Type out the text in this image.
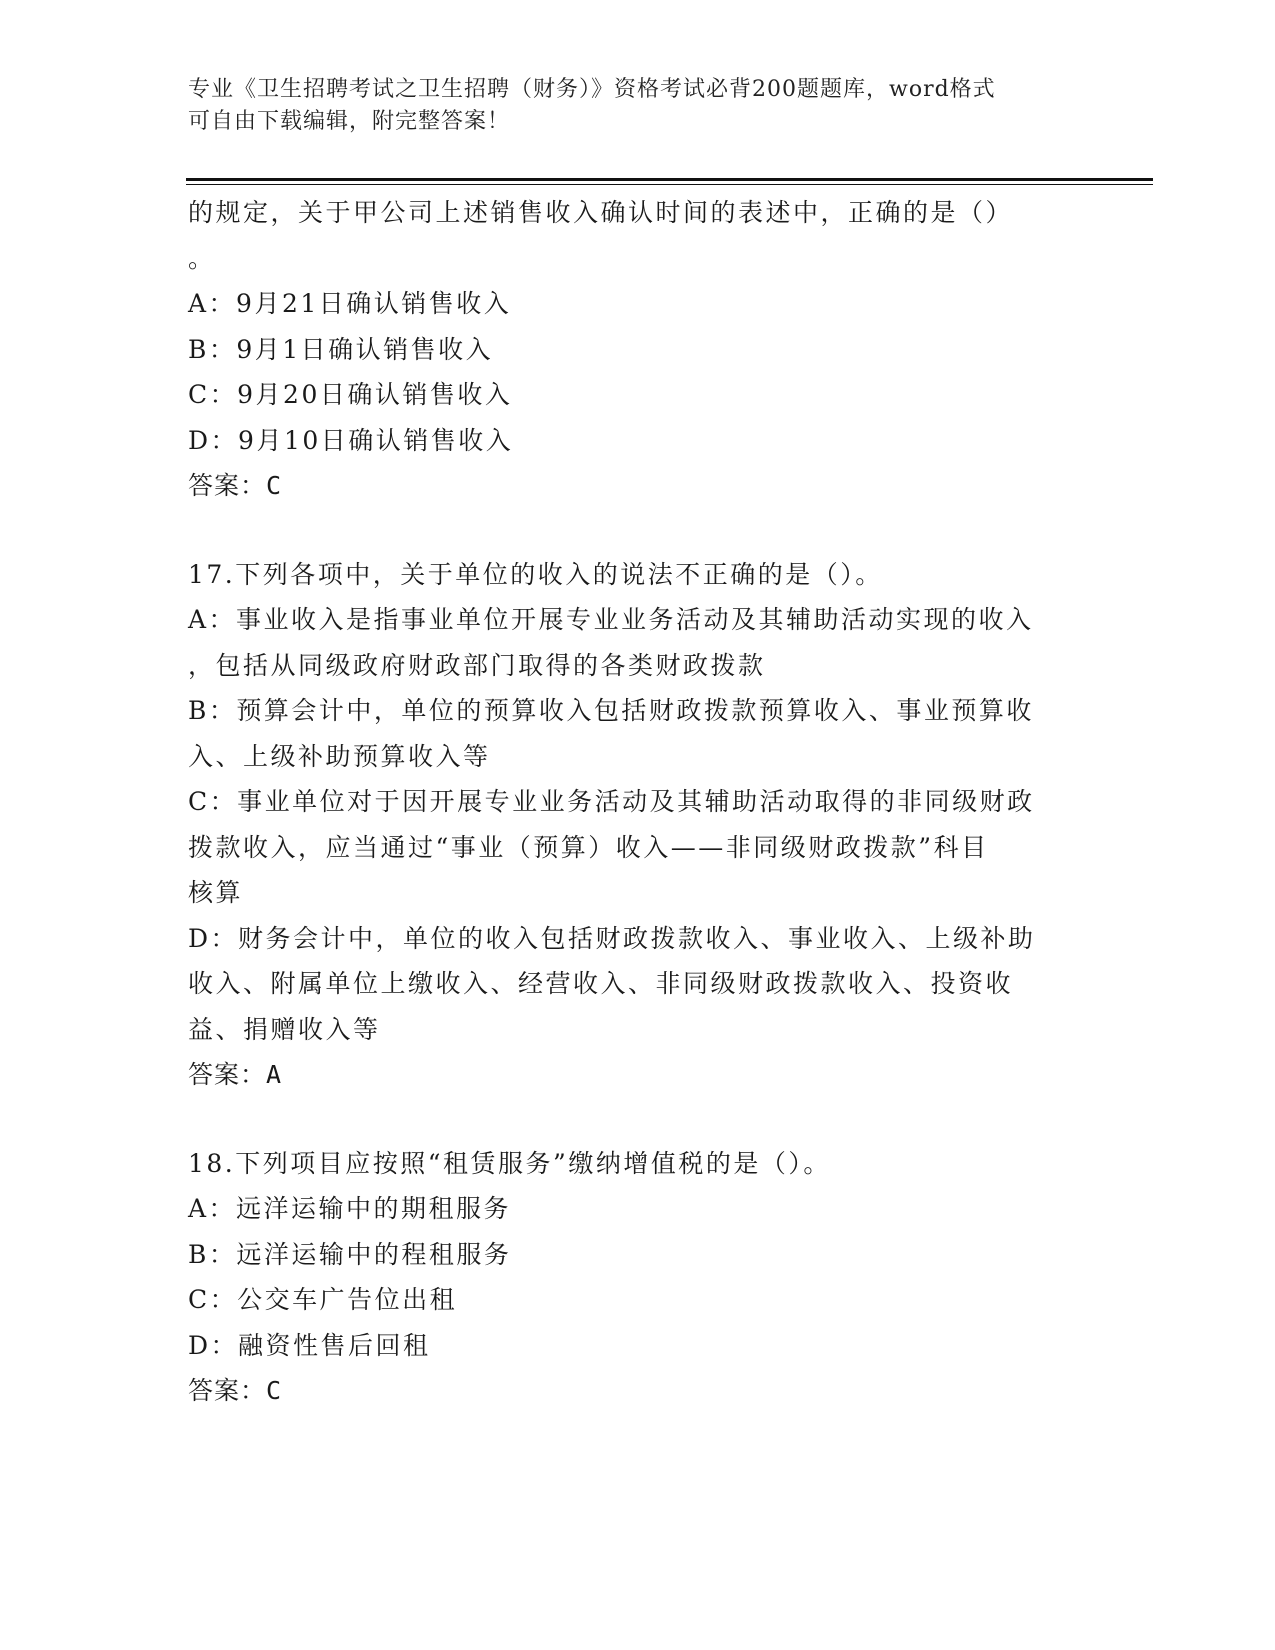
专业《卫生招聘考试之卫生招聘（财务）》资格考试必背200题题库，word格式
可自由下载编辑，附完整答案！
的规定，关于甲公司上述销售收入确认时间的表述中，正确的是（）
。
A：9月21日确认销售收入
B：9月1日确认销售收入
C：9月20日确认销售收入
D：9月10日确认销售收入
答案：C
17.下列各项中，关于单位的收入的说法不正确的是（）。
A：事业收入是指事业单位开展专业业务活动及其辅助活动实现的收入
，包括从同级政府财政部门取得的各类财政拨款
B：预算会计中，单位的预算收入包括财政拨款预算收入、事业预算收
入、上级补助预算收入等
C：事业单位对于因开展专业业务活动及其辅助活动取得的非同级财政
拨款收入，应当通过“事业（预算）收入——非同级财政拨款”科目
核算
D：财务会计中，单位的收入包括财政拨款收入、事业收入、上级补助
收入、附属单位上缴收入、经营收入、非同级财政拨款收入、投资收
益、捐赠收入等
答案：A
18.下列项目应按照“租赁服务”缴纳增值税的是（）。
A：远洋运输中的期租服务
B：远洋运输中的程租服务
C：公交车广告位出租
D：融资性售后回租
答案：C
